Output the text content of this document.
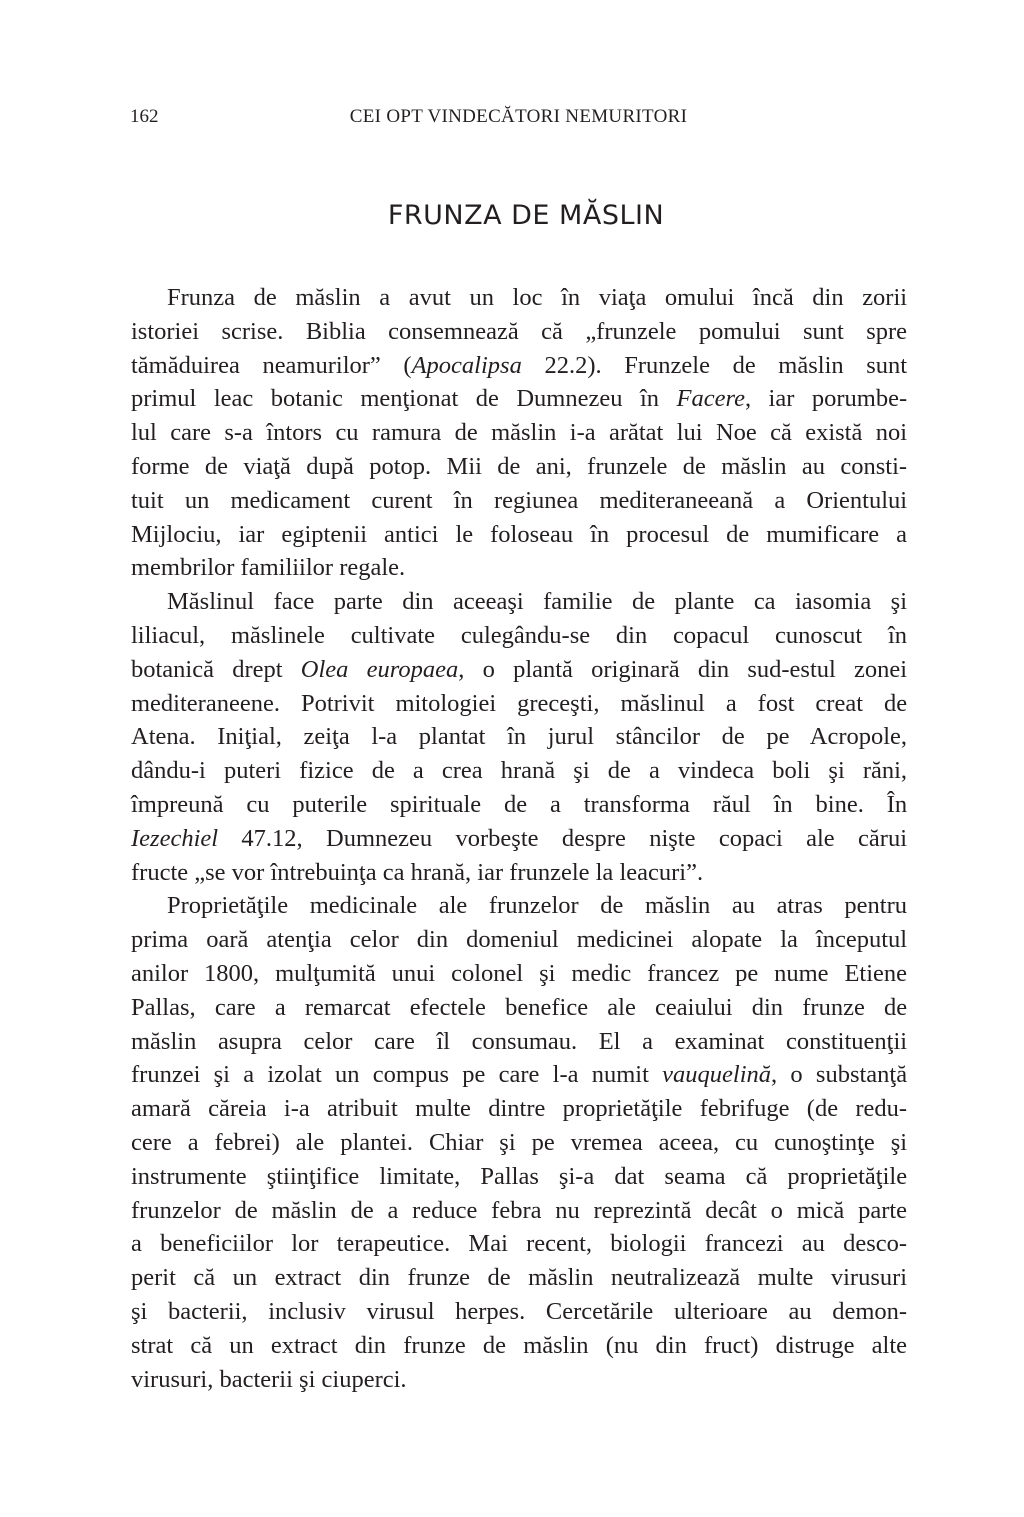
162	CEI OPT VINDECĂTORI NEMURITORI
FRUNZA DE MĂSLIN
Frunza de măslin a avut un loc în viaţa omului încă din zorii
istoriei scrise. Biblia consemnează că „frunzele pomului sunt spre
tămăduirea neamurilor” (Apocalipsa 22.2). Frunzele de măslin sunt
primul leac botanic menţionat de Dumnezeu în Facere, iar porumbe-
lul care s-a întors cu ramura de măslin i-a arătat lui Noe că există noi
forme de viaţă după potop. Mii de ani, frunzele de măslin au consti-
tuit un medicament curent în regiunea mediteraneeană a Orientului
Mijlociu, iar egiptenii antici le foloseau în procesul de mumificare a
membrilor familiilor regale.
Măslinul face parte din aceeaşi familie de plante ca iasomia şi
liliacul, măslinele cultivate culegându-se din copacul cunoscut în
botanică drept Olea europaea, o plantă originară din sud-estul zonei
mediteraneene. Potrivit mitologiei greceşti, măslinul a fost creat de
Atena. Iniţial, zeiţa l-a plantat în jurul stâncilor de pe Acropole,
dându-i puteri fizice de a crea hrană şi de a vindeca boli şi răni,
împreună cu puterile spirituale de a transforma răul în bine. În
Iezechiel 47.12, Dumnezeu vorbeşte despre nişte copaci ale cărui
fructe „se vor întrebuinţa ca hrană, iar frunzele la leacuri”.
Proprietăţile medicinale ale frunzelor de măslin au atras pentru
prima oară atenţia celor din domeniul medicinei alopate la începutul
anilor 1800, mulţumită unui colonel şi medic francez pe nume Etiene
Pallas, care a remarcat efectele benefice ale ceaiului din frunze de
măslin asupra celor care îl consumau. El a examinat constituenţii
frunzei şi a izolat un compus pe care l-a numit vauquelină, o substanţă
amară căreia i-a atribuit multe dintre proprietăţile febrifuge (de redu-
cere a febrei) ale plantei. Chiar şi pe vremea aceea, cu cunoştinţe şi
instrumente ştiinţifice limitate, Pallas şi-a dat seama că proprietăţile
frunzelor de măslin de a reduce febra nu reprezintă decât o mică parte
a beneficiilor lor terapeutice. Mai recent, biologii francezi au desco-
perit că un extract din frunze de măslin neutralizează multe virusuri
şi bacterii, inclusiv virusul herpes. Cercetările ulterioare au demon-
strat că un extract din frunze de măslin (nu din fruct) distruge alte
virusuri, bacterii şi ciuperci.
